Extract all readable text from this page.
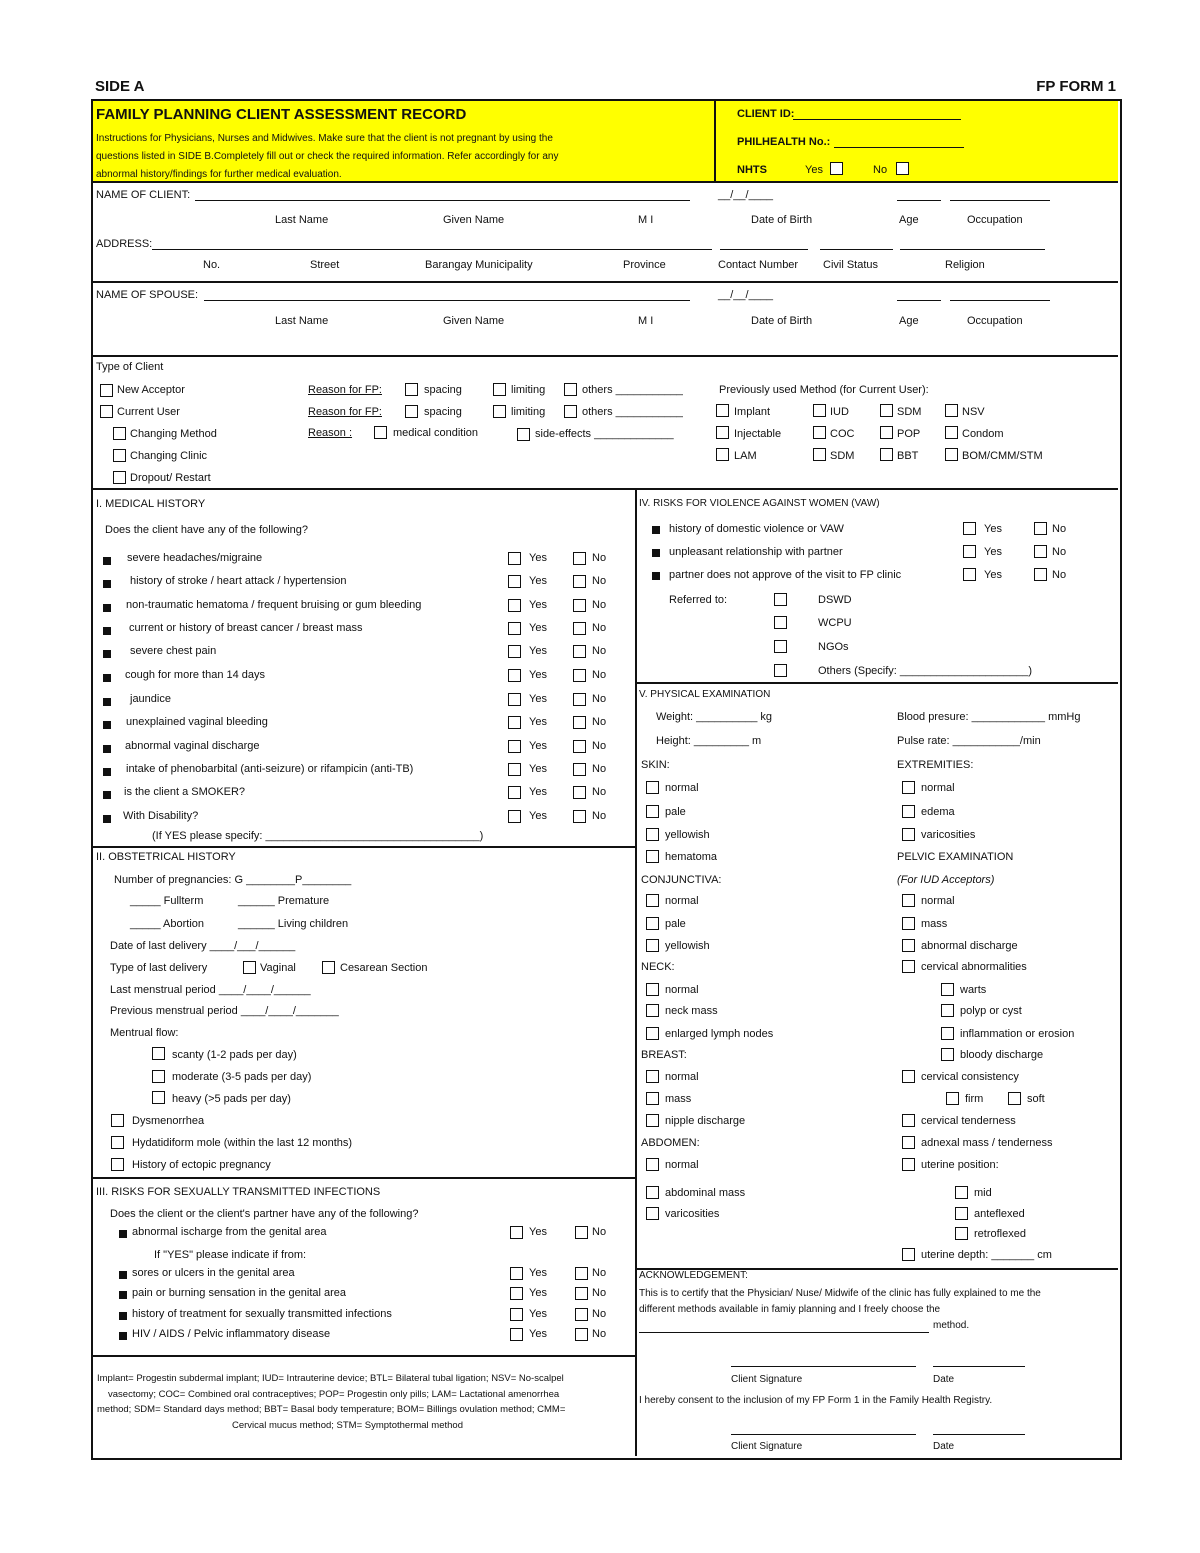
SIDE A	FP FORM 1
FAMILY PLANNING CLIENT ASSESSMENT RECORD
Instructions for Physicians, Nurses and Midwives. Make sure that the client is not pregnant by using the
questions listed in SIDE B.Completely fill out or check the required information. Refer accordingly for any
abnormal history/findings for further medical evaluation.
CLIENT ID:
PHILHEALTH No.:
NHTS	Yes	No
NAME OF CLIENT:	__/__/____
Last Name	Given Name	M I	Date of Birth	Age	Occupation
ADDRESS:
No.	Street	Barangay Municipality	Province	Contact Number Civil Status	Religion
NAME OF SPOUSE:	__/__/____
Last Name	Given Name	M I	Date of Birth	Age	Occupation
Type of Client
New Acceptor
Current User
Changing Method
Changing Clinic
Dropout/ Restart
Reason for FP:	spacing	limiting	others ___________
Reason for FP:	spacing	limiting	others ___________
Reason :	medical condition	side-effects _____________
Previously used Method (for Current User):
Implant	IUD	SDM	NSV
Injectable	COC	POP	Condom
LAM	SDM	BBT	BOM/CMM/STM
I. MEDICAL HISTORY
Does the client have any of the following?
severe headaches/migraine	Yes	No
history of stroke / heart attack / hypertension	Yes	No
non-traumatic hematoma / frequent bruising or gum bleeding	Yes	No
current or history of breast cancer / breast mass	Yes	No
severe chest pain	Yes	No
cough for more than 14 days	Yes	No
jaundice	Yes	No
unexplained vaginal bleeding	Yes	No
abnormal vaginal discharge	Yes	No
intake of phenobarbital (anti-seizure) or rifampicin (anti-TB)	Yes	No
is the client a SMOKER?	Yes	No
With Disability?	Yes	No
(If YES please specify: ___________________________________)
II. OBSTETRICAL HISTORY
Number of pregnancies: G ________P________
_____ Fullterm	______ Premature
_____ Abortion	______ Living children
Date of last delivery ____/___/______
Type of last delivery	Vaginal	Cesarean Section
Last menstrual period ____/____/______
Previous menstrual period ____/____/_______
Mentrual flow:
scanty (1-2 pads per day)
moderate (3-5 pads per day)
heavy (>5 pads per day)
Dysmenorrhea
Hydatidiform mole (within the last 12 months)
History of ectopic pregnancy
III. RISKS FOR SEXUALLY TRANSMITTED INFECTIONS
Does the client or the client's partner have any of the following?
abnormal ischarge from the genital area	Yes	No
sores or ulcers in the genital area	Yes	No
pain or burning sensation in the genital area	Yes	No
history of treatment for sexually transmitted infections	Yes	No
HIV / AIDS / Pelvic inflammatory disease	Yes	No
If "YES" please indicate if from:
Implant= Progestin subdermal implant; IUD= Intrauterine device; BTL= Bilateral tubal ligation; NSV= No-scalpel
vasectomy; COC= Combined oral contraceptives; POP= Progestin only pills; LAM= Lactational amenorrhea
method; SDM= Standard days method; BBT= Basal body temperature; BOM= Billings ovulation method; CMM=
Cervical mucus method; STM= Symptothermal method
IV. RISKS FOR VIOLENCE AGAINST WOMEN (VAW)
history of domestic violence or VAW	Yes	No
unpleasant relationship with partner	Yes	No
partner does not approve of the visit to FP clinic	Yes	No
Referred to:	DSWD
WCPU
NGOs
Others (Specify: _____________________)
V. PHYSICAL EXAMINATION
Weight: __________ kg
Height: _________ m
Blood presure: ____________ mmHg
Pulse rate: ___________/min
SKIN:
normal
pale
yellowish
hematoma
CONJUNCTIVA:
normal
pale
yellowish
NECK:
normal
neck mass
enlarged lymph nodes
BREAST:
normal
mass
nipple discharge
ABDOMEN:
normal
abdominal mass
varicosities
EXTREMITIES:
normal
edema
varicosities
PELVIC EXAMINATION
(For IUD Acceptors)
normal
mass
abnormal discharge
cervical abnormalities
warts
polyp or cyst
inflammation or erosion
bloody discharge
cervical consistency
firm	soft
cervical tenderness
adnexal mass / tenderness
uterine position:
mid
anteflexed
retroflexed
uterine depth: _______ cm
ACKNOWLEDGEMENT:
This is to certify that the Physician/ Nuse/ Midwife of the clinic has fully explained to me the
different methods available in famiy planning and I freely choose the
method.
Client Signature	Date
I hereby consent to the inclusion of my FP Form 1 in the Family Health Registry.
Client Signature	Date
